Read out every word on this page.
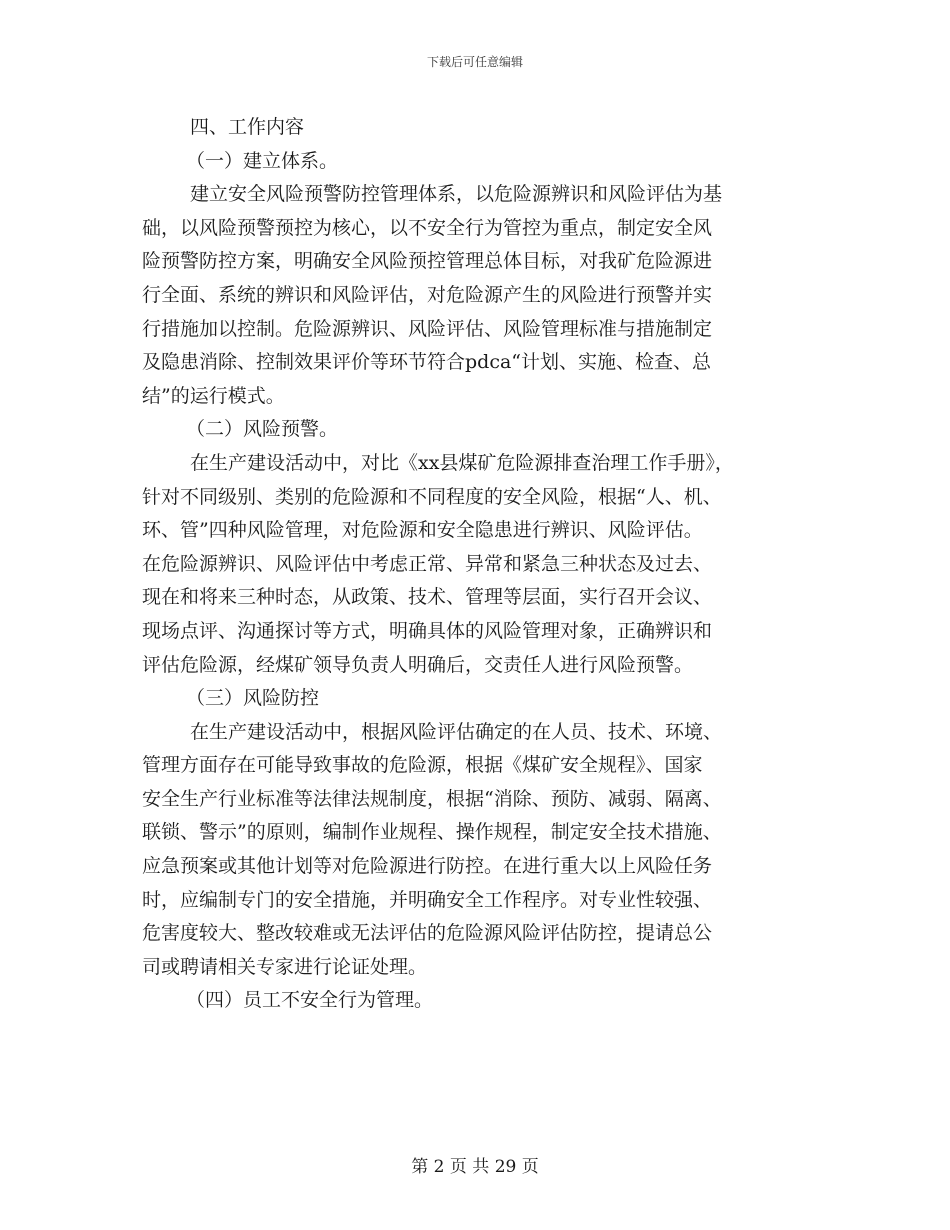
下载后可任意编辑
四、工作内容
（一）建立体系。
建立安全风险预警防控管理体系，以危险源辨识和风险评估为基
础，以风险预警预控为核心，以不安全行为管控为重点，制定安全风
险预警防控方案，明确安全风险预控管理总体目标，对我矿危险源进
行全面、系统的辨识和风险评估，对危险源产生的风险进行预警并实
行措施加以控制。危险源辨识、风险评估、风险管理标准与措施制定
及隐患消除、控制效果评价等环节符合pdca“计划、实施、检查、总
结”的运行模式。
（二）风险预警。
在生产建设活动中，对比《xx县煤矿危险源排查治理工作手册》，
针对不同级别、类别的危险源和不同程度的安全风险，根据“人、机、
环、管”四种风险管理，对危险源和安全隐患进行辨识、风险评估。
在危险源辨识、风险评估中考虑正常、异常和紧急三种状态及过去、
现在和将来三种时态，从政策、技术、管理等层面，实行召开会议、
现场点评、沟通探讨等方式，明确具体的风险管理对象，正确辨识和
评估危险源，经煤矿领导负责人明确后，交责任人进行风险预警。
（三）风险防控
在生产建设活动中，根据风险评估确定的在人员、技术、环境、
管理方面存在可能导致事故的危险源，根据《煤矿安全规程》、国家
安全生产行业标准等法律法规制度，根据“消除、预防、减弱、隔离、
联锁、警示”的原则，编制作业规程、操作规程，制定安全技术措施、
应急预案或其他计划等对危险源进行防控。在进行重大以上风险任务
时，应编制专门的安全措施，并明确安全工作程序。对专业性较强、
危害度较大、整改较难或无法评估的危险源风险评估防控，提请总公
司或聘请相关专家进行论证处理。
（四）员工不安全行为管理。
第 2 页 共 29 页
